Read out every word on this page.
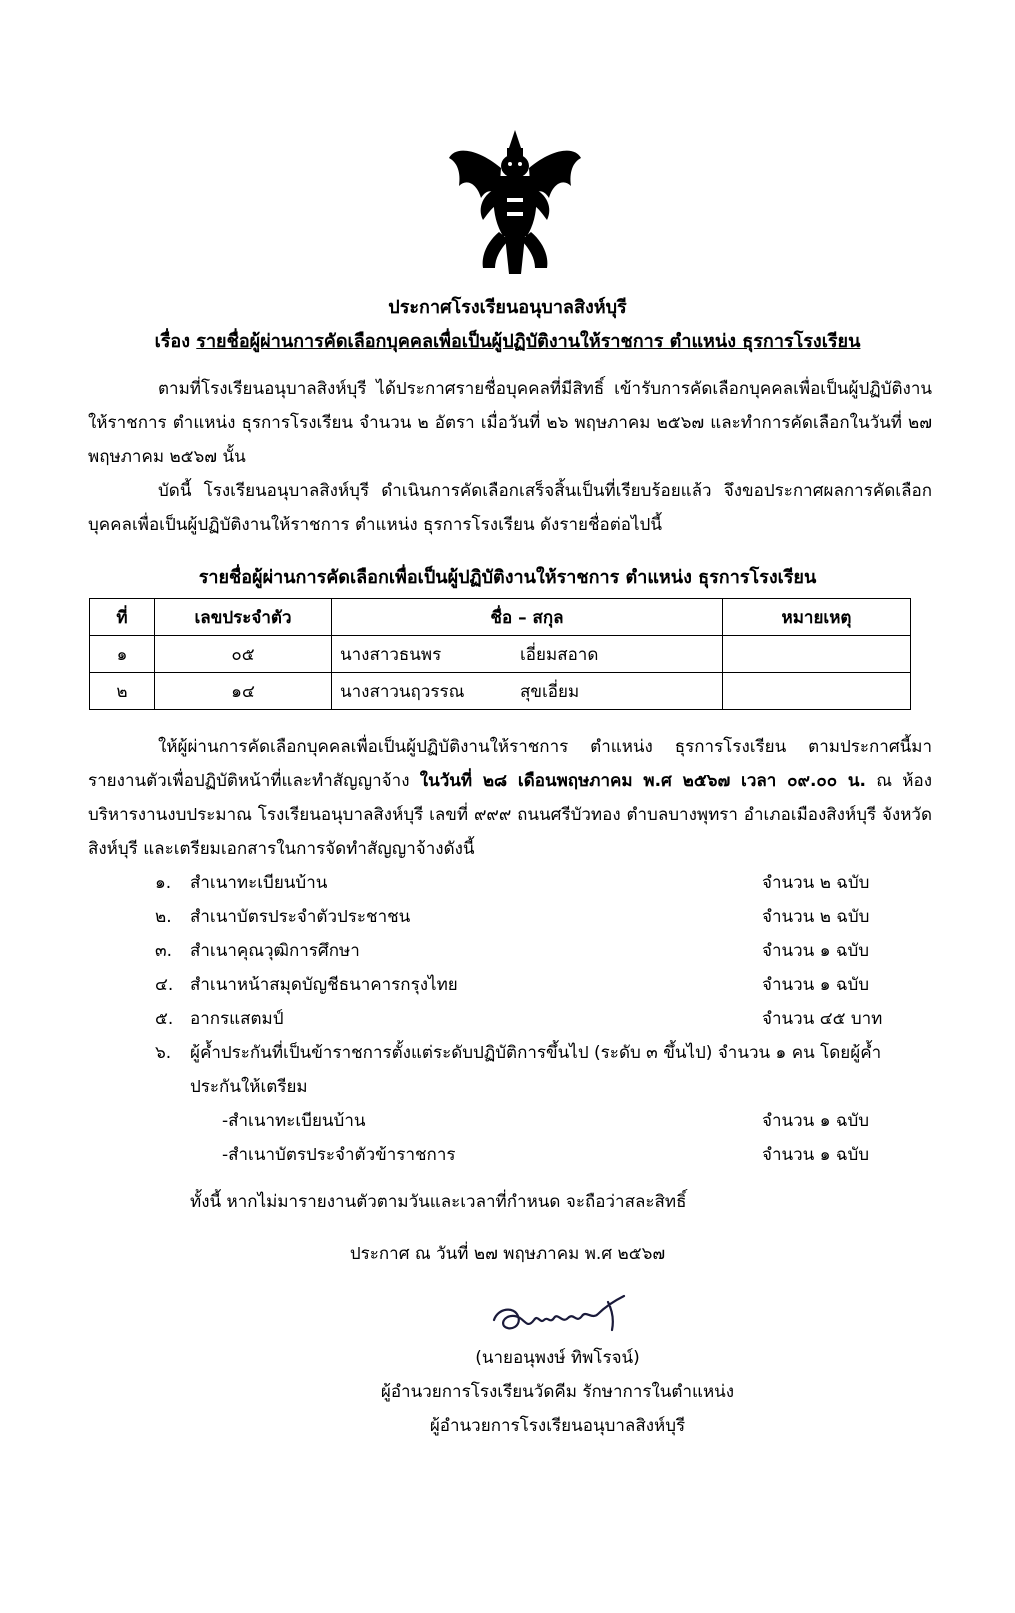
ประกาศโรงเรียนอนุบาลสิงห์บุรี
เรื่อง รายชื่อผู้ผ่านการคัดเลือกบุคคลเพื่อเป็นผู้ปฏิบัติงานให้ราชการ ตำแหน่ง ธุรการโรงเรียน
ตามที่โรงเรียนอนุบาลสิงห์บุรี ได้ประกาศรายชื่อบุคคลที่มีสิทธิ์ เข้ารับการคัดเลือกบุคคลเพื่อเป็นผู้ปฏิบัติงานให้ราชการ ตำแหน่ง ธุรการโรงเรียน จำนวน ๒ อัตรา เมื่อวันที่ ๒๖ พฤษภาคม ๒๕๖๗ และทำการคัดเลือกในวันที่ ๒๗ พฤษภาคม ๒๕๖๗ นั้น
บัดนี้ โรงเรียนอนุบาลสิงห์บุรี ดำเนินการคัดเลือกเสร็จสิ้นเป็นที่เรียบร้อยแล้ว จึงขอประกาศผลการคัดเลือกบุคคลเพื่อเป็นผู้ปฏิบัติงานให้ราชการ ตำแหน่ง ธุรการโรงเรียน ดังรายชื่อต่อไปนี้
รายชื่อผู้ผ่านการคัดเลือกเพื่อเป็นผู้ปฏิบัติงานให้ราชการ ตำแหน่ง ธุรการโรงเรียน
ที่	เลขประจำตัว	ชื่อ – สกุล	หมายเหตุ
๑	๐๕	นางสาวธนพร เอี่ยมสอาด	
๒	๑๔	นางสาวนฤวรรณ สุขเอี่ยม	
ให้ผู้ผ่านการคัดเลือกบุคคลเพื่อเป็นผู้ปฏิบัติงานให้ราชการ ตำแหน่ง ธุรการโรงเรียน ตามประกาศนี้มารายงานตัวเพื่อปฏิบัติหน้าที่และทำสัญญาจ้าง ในวันที่ ๒๘ เดือนพฤษภาคม พ.ศ ๒๕๖๗ เวลา ๐๙.๐๐ น. ณ ห้องบริหารงานงบประมาณ โรงเรียนอนุบาลสิงห์บุรี เลขที่ ๙๙๙ ถนนศรีบัวทอง ตำบลบางพุทรา อำเภอเมืองสิงห์บุรี จังหวัดสิงห์บุรี และเตรียมเอกสารในการจัดทำสัญญาจ้างดังนี้
๑. สำเนาทะเบียนบ้าน	จำนวน ๒ ฉบับ
๒. สำเนาบัตรประจำตัวประชาชน	จำนวน ๒ ฉบับ
๓. สำเนาคุณวุฒิการศึกษา	จำนวน ๑ ฉบับ
๔. สำเนาหน้าสมุดบัญชีธนาคารกรุงไทย	จำนวน ๑ ฉบับ
๕. อากรแสตมป์	จำนวน ๔๕ บาท
๖. ผู้ค้ำประกันที่เป็นข้าราชการตั้งแต่ระดับปฏิบัติการขึ้นไป (ระดับ ๓ ขึ้นไป) จำนวน ๑ คน โดยผู้ค้ำประกันให้เตรียม
-สำเนาทะเบียนบ้าน	จำนวน ๑ ฉบับ
-สำเนาบัตรประจำตัวข้าราชการ	จำนวน ๑ ฉบับ
ทั้งนี้ หากไม่มารายงานตัวตามวันและเวลาที่กำหนด จะถือว่าสละสิทธิ์
ประกาศ ณ วันที่ ๒๗ พฤษภาคม พ.ศ ๒๕๖๗
(นายอนุพงษ์ ทิพโรจน์)
ผู้อำนวยการโรงเรียนวัดคีม รักษาการในตำแหน่ง
ผู้อำนวยการโรงเรียนอนุบาลสิงห์บุรี
